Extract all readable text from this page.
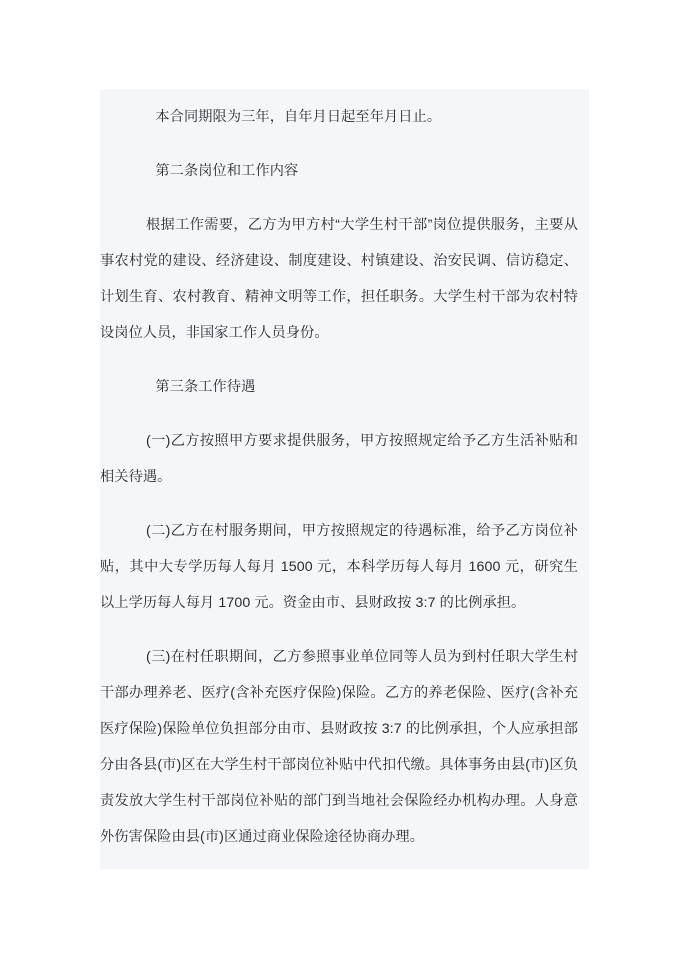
本合同期限为三年，自年月日起至年月日止。

第二条岗位和工作内容

根据工作需要，乙方为甲方村“大学生村干部”岗位提供服务，主要从事农村党的建设、经济建设、制度建设、村镇建设、治安民调、信访稳定、计划生育、农村教育、精神文明等工作，担任职务。大学生村干部为农村特设岗位人员，非国家工作人员身份。

第三条工作待遇

(一)乙方按照甲方要求提供服务，甲方按照规定给予乙方生活补贴和相关待遇。

(二)乙方在村服务期间，甲方按照规定的待遇标准，给予乙方岗位补贴，其中大专学历每人每月 1500 元，本科学历每人每月 1600 元，研究生以上学历每人每月 1700 元。资金由市、县财政按 3:7 的比例承担。

(三)在村任职期间，乙方参照事业单位同等人员为到村任职大学生村干部办理养老、医疗(含补充医疗保险)保险。乙方的养老保险、医疗(含补充医疗保险)保险单位负担部分由市、县财政按 3:7 的比例承担，个人应承担部分由各县(市)区在大学生村干部岗位补贴中代扣代缴。具体事务由县(市)区负责发放大学生村干部岗位补贴的部门到当地社会保险经办机构办理。人身意外伤害保险由县(市)区通过商业保险途径协商办理。
